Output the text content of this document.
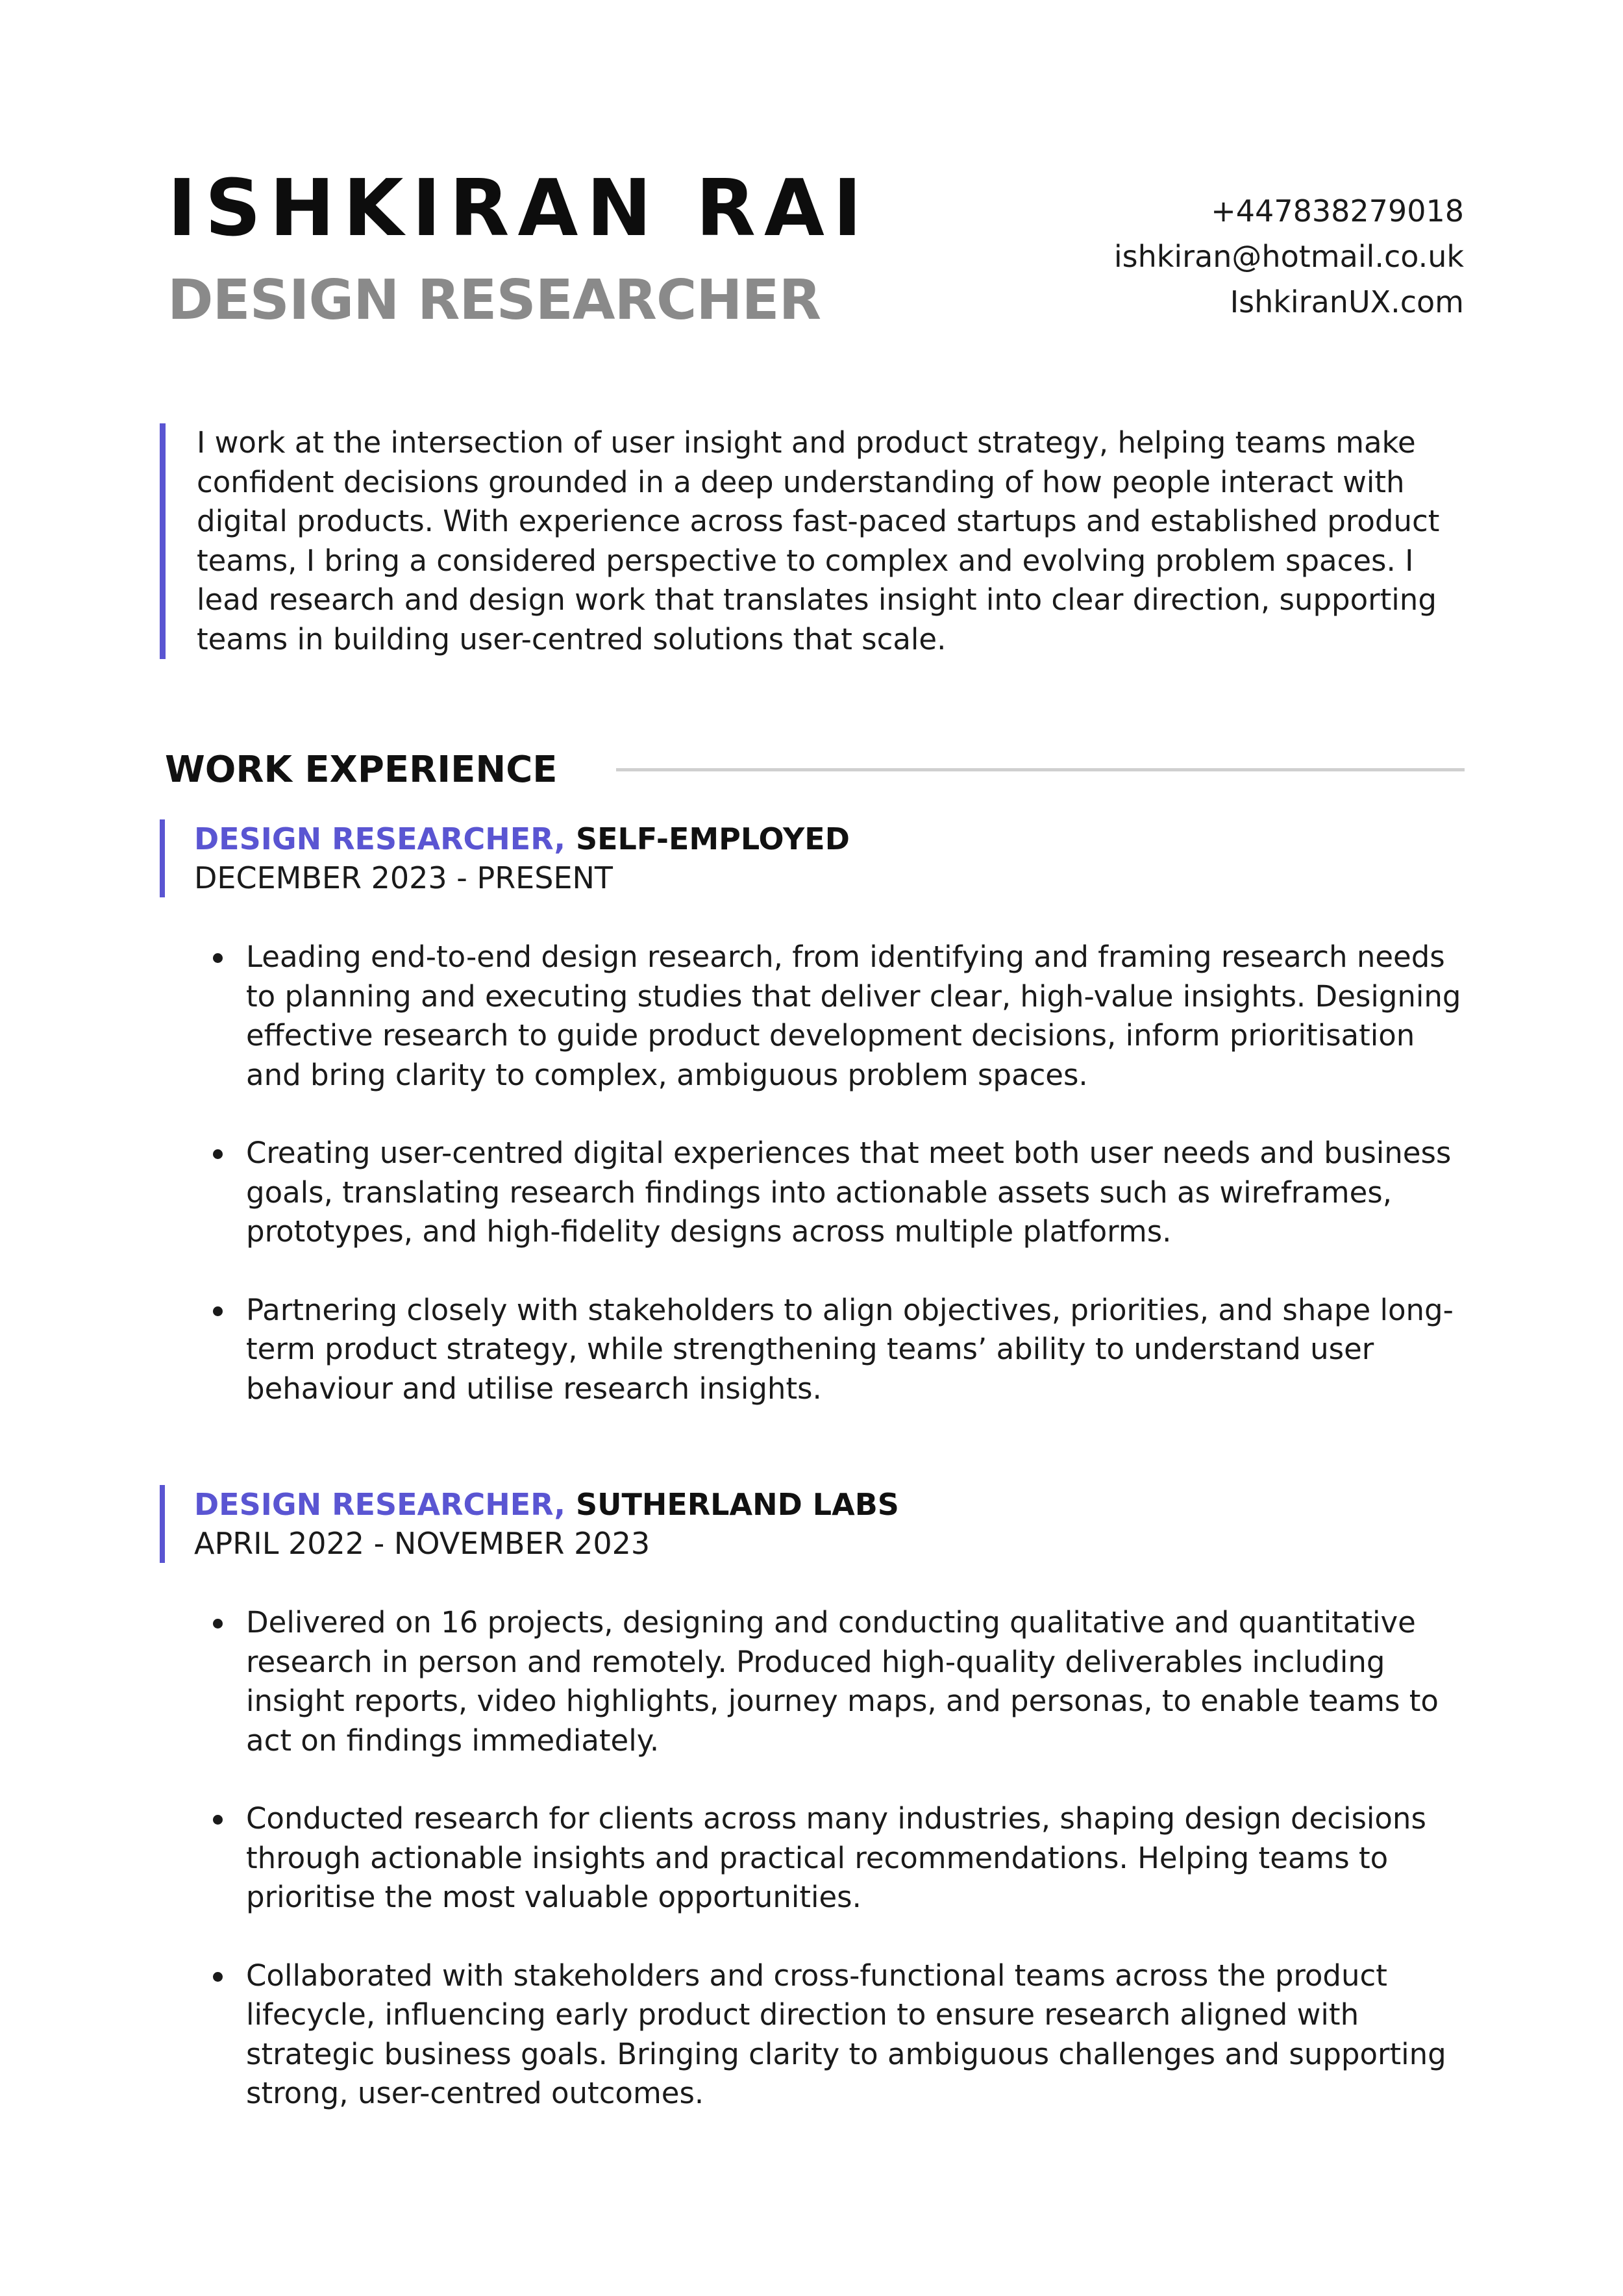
ISHKIRAN RAI
DESIGN RESEARCHER
+447838279018
ishkiran@hotmail.co.uk
IshkiranUX.com

I work at the intersection of user insight and product strategy, helping teams make confident decisions grounded in a deep understanding of how people interact with digital products. With experience across fast-paced startups and established product teams, I bring a considered perspective to complex and evolving problem spaces. I lead research and design work that translates insight into clear direction, supporting teams in building user-centred solutions that scale.

WORK EXPERIENCE
DESIGN RESEARCHER, SELF-EMPLOYED
DECEMBER 2023 - PRESENT
Leading end-to-end design research, from identifying and framing research needs to planning and executing studies that deliver clear, high-value insights. Designing effective research to guide product development decisions, inform prioritisation and bring clarity to complex, ambiguous problem spaces.
Creating user-centred digital experiences that meet both user needs and business goals, translating research findings into actionable assets such as wireframes, prototypes, and high-fidelity designs across multiple platforms.
Partnering closely with stakeholders to align objectives, priorities, and shape long-term product strategy, while strengthening teams’ ability to understand user behaviour and utilise research insights.
DESIGN RESEARCHER, SUTHERLAND LABS
APRIL 2022 - NOVEMBER 2023
Delivered on 16 projects, designing and conducting qualitative and quantitative research in person and remotely. Produced high-quality deliverables including insight reports, video highlights, journey maps, and personas, to enable teams to act on findings immediately.
Conducted research for clients across many industries, shaping design decisions through actionable insights and practical recommendations. Helping teams to prioritise the most valuable opportunities.
Collaborated with stakeholders and cross-functional teams across the product lifecycle, influencing early product direction to ensure research aligned with strategic business goals. Bringing clarity to ambiguous challenges and supporting strong, user-centred outcomes.
